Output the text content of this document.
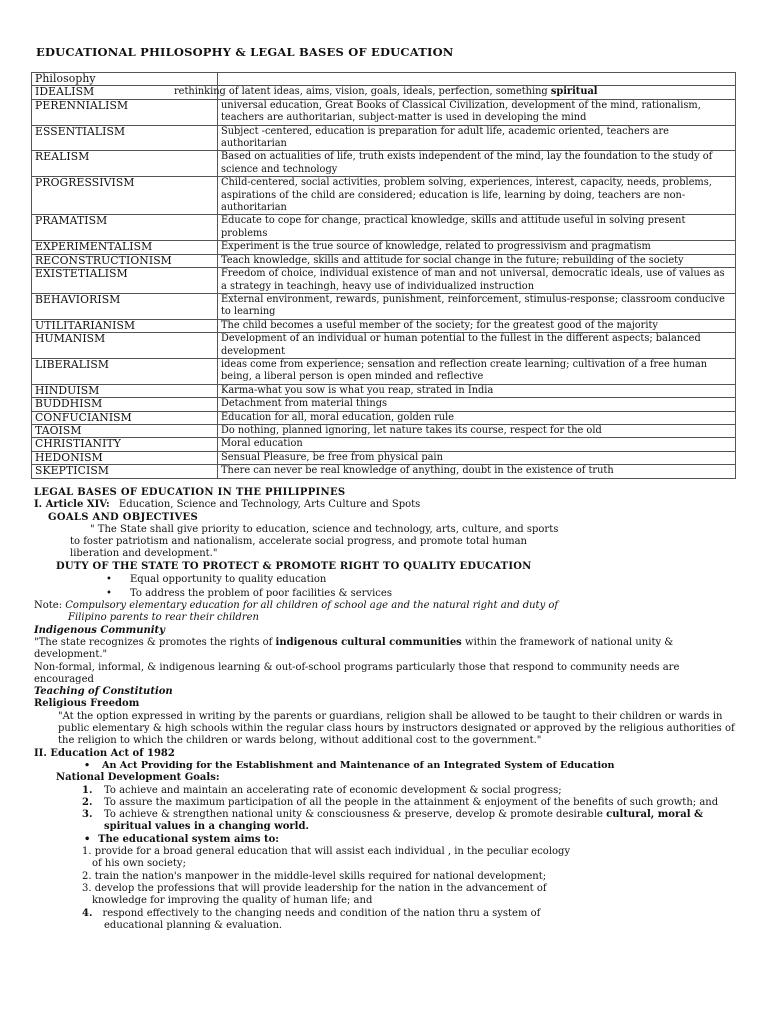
EDUCATIONAL PHILOSOPHY & LEGAL BASES OF EDUCATION
Philosophy	
IDEALISM	rethinking of latent ideas, aims, vision, goals, ideals, perfection, something spiritual
PERENNIALISM	universal education, Great Books of Classical Civilization, development of the mind, rationalism, teachers are authoritarian, subject-matter is used in developing the mind
ESSENTIALISM	Subject -centered, education is preparation for adult life, academic oriented, teachers are authoritarian
REALISM	Based on actualities of life, truth exists independent of the mind, lay the foundation to the study of science and technology
PROGRESSIVISM	Child-centered, social activities, problem solving, experiences, interest, capacity, needs, problems, aspirations of the child are considered; education is life, learning by doing, teachers are non-authoritarian
PRAMATISM	Educate to cope for change, practical knowledge, skills and attitude useful in solving present problems
EXPERIMENTALISM	Experiment is the true source of knowledge, related to progressivism and pragmatism
RECONSTRUCTIONISM	Teach knowledge, skills and attitude for social change in the future; rebuilding of the society
EXISTETIALISM	Freedom of choice, individual existence of man and not universal, democratic ideals, use of values as a strategy in teachingh, heavy use of individualized instruction
BEHAVIORISM	External environment, rewards, punishment, reinforcement, stimulus-response; classroom conducive to learning
UTILITARIANISM	The child becomes a useful member of the society; for the greatest good of the majority
HUMANISM	Development of an individual or human potential to the fullest in the different aspects; balanced development
LIBERALISM	ideas come from experience; sensation and reflection create learning; cultivation of a free human being, a liberal person is open minded and reflective
HINDUISM	Karma-what you sow is what you reap, strated in India
BUDDHISM	Detachment from material things
CONFUCIANISM	Education for all, moral education, golden rule
TAOISM	Do nothing, planned ignoring, let nature takes its course, respect for the old
CHRISTIANITY	Moral education
HEDONISM	Sensual Pleasure, be free from physical pain
SKEPTICISM	There can never be real knowledge of anything, doubt in the existence of truth

LEGAL BASES OF EDUCATION IN THE PHILIPPINES

I. Article XIV: Education, Science and Technology, Arts Culture and Spots

GOALS AND OBJECTIVES

" The State shall give priority to education, science and technology, arts, culture, and sports to foster patriotism and nationalism, accelerate social progress, and promote total human liberation and development."

DUTY OF THE STATE TO PROTECT & PROMOTE RIGHT TO QUALITY EDUCATION

• Equal opportunity to quality education
• To address the problem of poor facilities & services

Note: Compulsory elementary education for all children of school age and the natural right and duty of
Filipino parents to rear their children

Indigenous Community

"The state recognizes & promotes the rights of indigenous cultural communities within the framework of national unity & development."

Non-formal, informal, & indigenous learning & out-of-school programs particularly those that respond to community needs are encouraged

Teaching of Constitution

Religious Freedom

"At the option expressed in writing by the parents or guardians, religion shall be allowed to be taught to their children or wards in public elementary & high schools within the regular class hours by instructors designated or approved by the religious authorities of the religion to which the children or wards belong, without additional cost to the government."

II. Education Act of 1982

• An Act Providing for the Establishment and Maintenance of an Integrated System of Education

National Development Goals:

1. To achieve and maintain an accelerating rate of economic development & social progress;
2. To assure the maximum participation of all the people in the attainment & enjoyment of the benefits of such growth; and
3. To achieve & strengthen national unity & consciousness & preserve, develop & promote desirable cultural, moral & spiritual values in a changing world.

• The educational system aims to:

1. provide for a broad general education that will assist each individual , in the peculiar ecology of his own society;

2. train the nation's manpower in the middle-level skills required for national development;

3. develop the professions that will provide leadership for the nation in the advancement of knowledge for improving the quality of human life; and

4. respond effectively to the changing needs and condition of the nation thru a system of educational planning & evaluation.
